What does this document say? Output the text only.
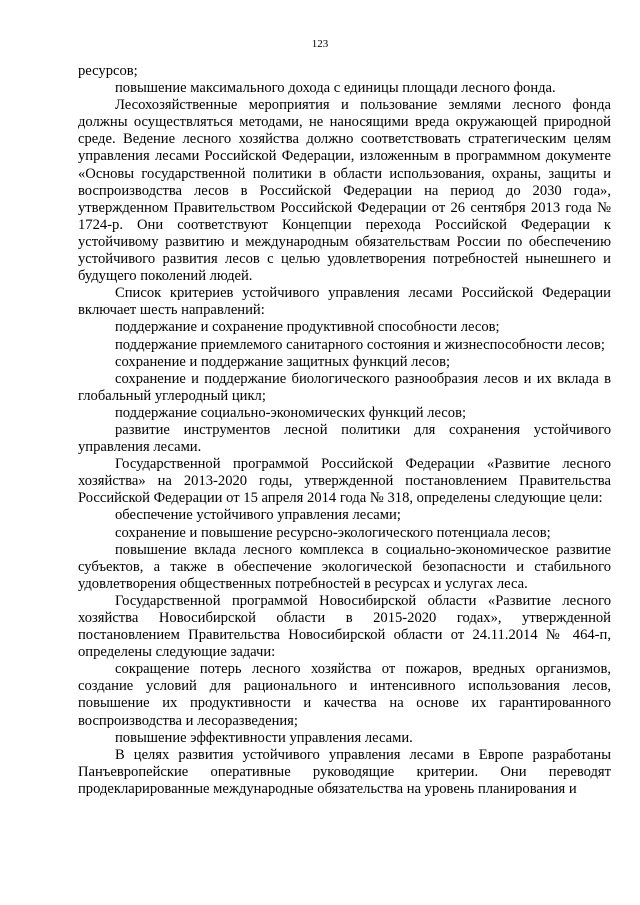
123

ресурсов;

повышение максимального дохода с единицы площади лесного фонда.

Лесохозяйственные мероприятия и пользование землями лесного фонда должны осуществляться методами, не наносящими вреда окружающей природной среде. Ведение лесного хозяйства должно соответствовать стратегическим целям управления лесами Российской Федерации, изложенным в программном документе «Основы государственной политики в области использования, охраны, защиты и воспроизводства лесов в Российской Федерации на период до 2030 года», утвержденном Правительством Российской Федерации от 26 сентября 2013 года № 1724-р. Они соответствуют Концепции перехода Российской Федерации к устойчивому развитию и международным обязательствам России по обеспечению устойчивого развития лесов с целью удовлетворения потребностей нынешнего и будущего поколений людей.

Список критериев устойчивого управления лесами Российской Федерации включает шесть направлений:

поддержание и сохранение продуктивной способности лесов;

поддержание приемлемого санитарного состояния и жизнеспособности лесов;

сохранение и поддержание защитных функций лесов;

сохранение и поддержание биологического разнообразия лесов и их вклада в глобальный углеродный цикл;

поддержание социально-экономических функций лесов;

развитие инструментов лесной политики для сохранения устойчивого управления лесами.

Государственной программой Российской Федерации «Развитие лесного хозяйства» на 2013-2020 годы, утвержденной постановлением Правительства Российской Федерации от 15 апреля 2014 года № 318, определены следующие цели:

обеспечение устойчивого управления лесами;

сохранение и повышение ресурсно-экологического потенциала лесов;

повышение вклада лесного комплекса в социально-экономическое развитие субъектов, а также в обеспечение экологической безопасности и стабильного удовлетворения общественных потребностей в ресурсах и услугах леса.

Государственной программой Новосибирской области «Развитие лесного хозяйства Новосибирской области в 2015-2020 годах», утвержденной постановлением Правительства Новосибирской области от 24.11.2014 № 464-п, определены следующие задачи:

сокращение потерь лесного хозяйства от пожаров, вредных организмов, создание условий для рационального и интенсивного использования лесов, повышение их продуктивности и качества на основе их гарантированного воспроизводства и лесоразведения;

повышение эффективности управления лесами.

В целях развития устойчивого управления лесами в Европе разработаны Панъевропейские оперативные руководящие критерии. Они переводят продекларированные международные обязательства на уровень планирования и
